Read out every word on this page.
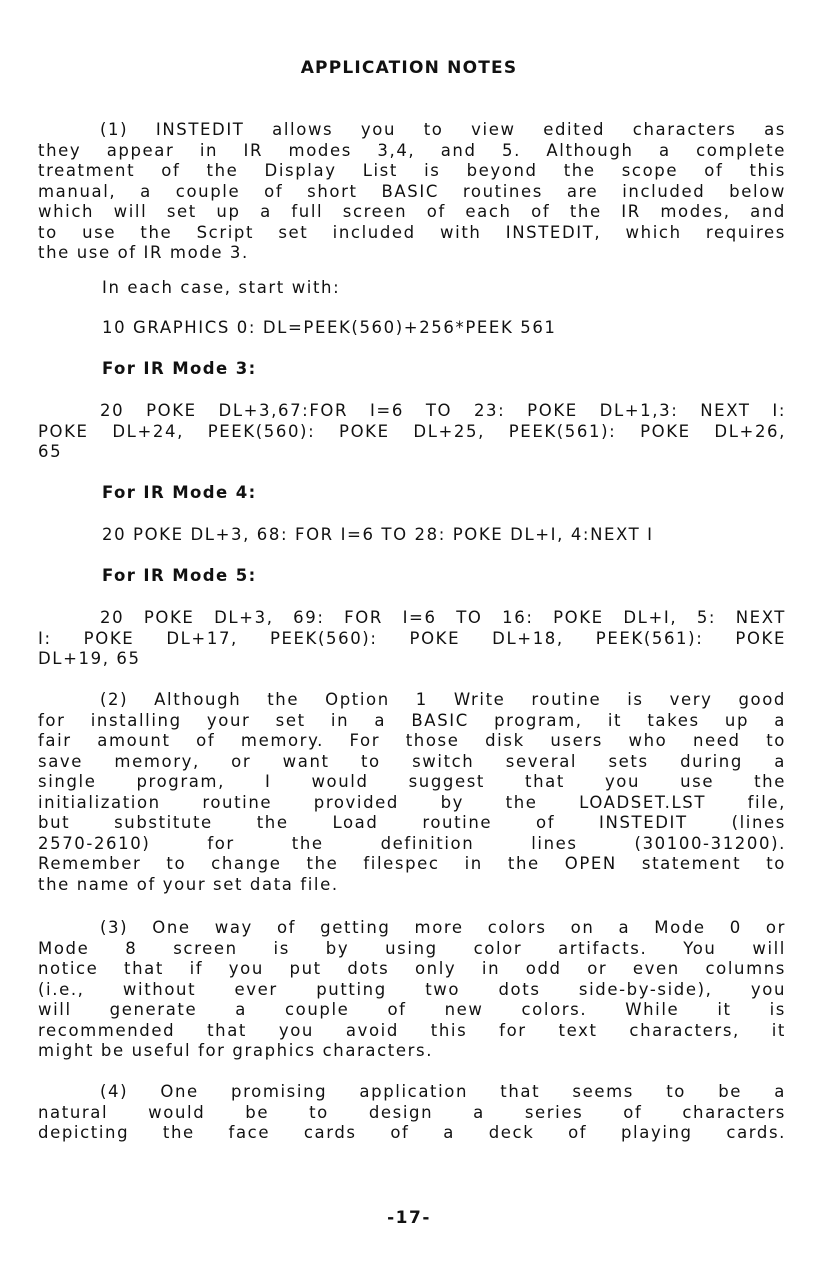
APPLICATION NOTES
(1) INSTEDIT allows you to view edited characters as
they appear in IR modes 3,4, and 5. Although a complete
treatment of the Display List is beyond the scope of this
manual, a couple of short BASIC routines are included below
which will set up a full screen of each of the IR modes, and
to use the Script set included with INSTEDIT, which requires
the use of IR mode 3.
In each case, start with:
10 GRAPHICS 0: DL=PEEK(560)+256*PEEK 561
For IR Mode 3:
20 POKE DL+3,67:FOR I=6 TO 23: POKE DL+1,3: NEXT I:
POKE DL+24, PEEK(560): POKE DL+25, PEEK(561): POKE DL+26,
65
For IR Mode 4:
20 POKE DL+3, 68: FOR I=6 TO 28: POKE DL+I, 4:NEXT I
For IR Mode 5:
20 POKE DL+3, 69: FOR I=6 TO 16: POKE DL+I, 5: NEXT
I: POKE DL+17, PEEK(560): POKE DL+18, PEEK(561): POKE
DL+19, 65
(2) Although the Option 1 Write routine is very good
for installing your set in a BASIC program, it takes up a
fair amount of memory. For those disk users who need to
save memory, or want to switch several sets during a
single program, I would suggest that you use the
initialization routine provided by the LOADSET.LST file,
but substitute the Load routine of INSTEDIT (lines
2570-2610) for the definition lines (30100-31200).
Remember to change the filespec in the OPEN statement to
the name of your set data file.
(3) One way of getting more colors on a Mode 0 or
Mode 8 screen is by using color artifacts. You will
notice that if you put dots only in odd or even columns
(i.e., without ever putting two dots side-by-side), you
will generate a couple of new colors. While it is
recommended that you avoid this for text characters, it
might be useful for graphics characters.
(4) One promising application that seems to be a
natural would be to design a series of characters
depicting the face cards of a deck of playing cards.
-17-
